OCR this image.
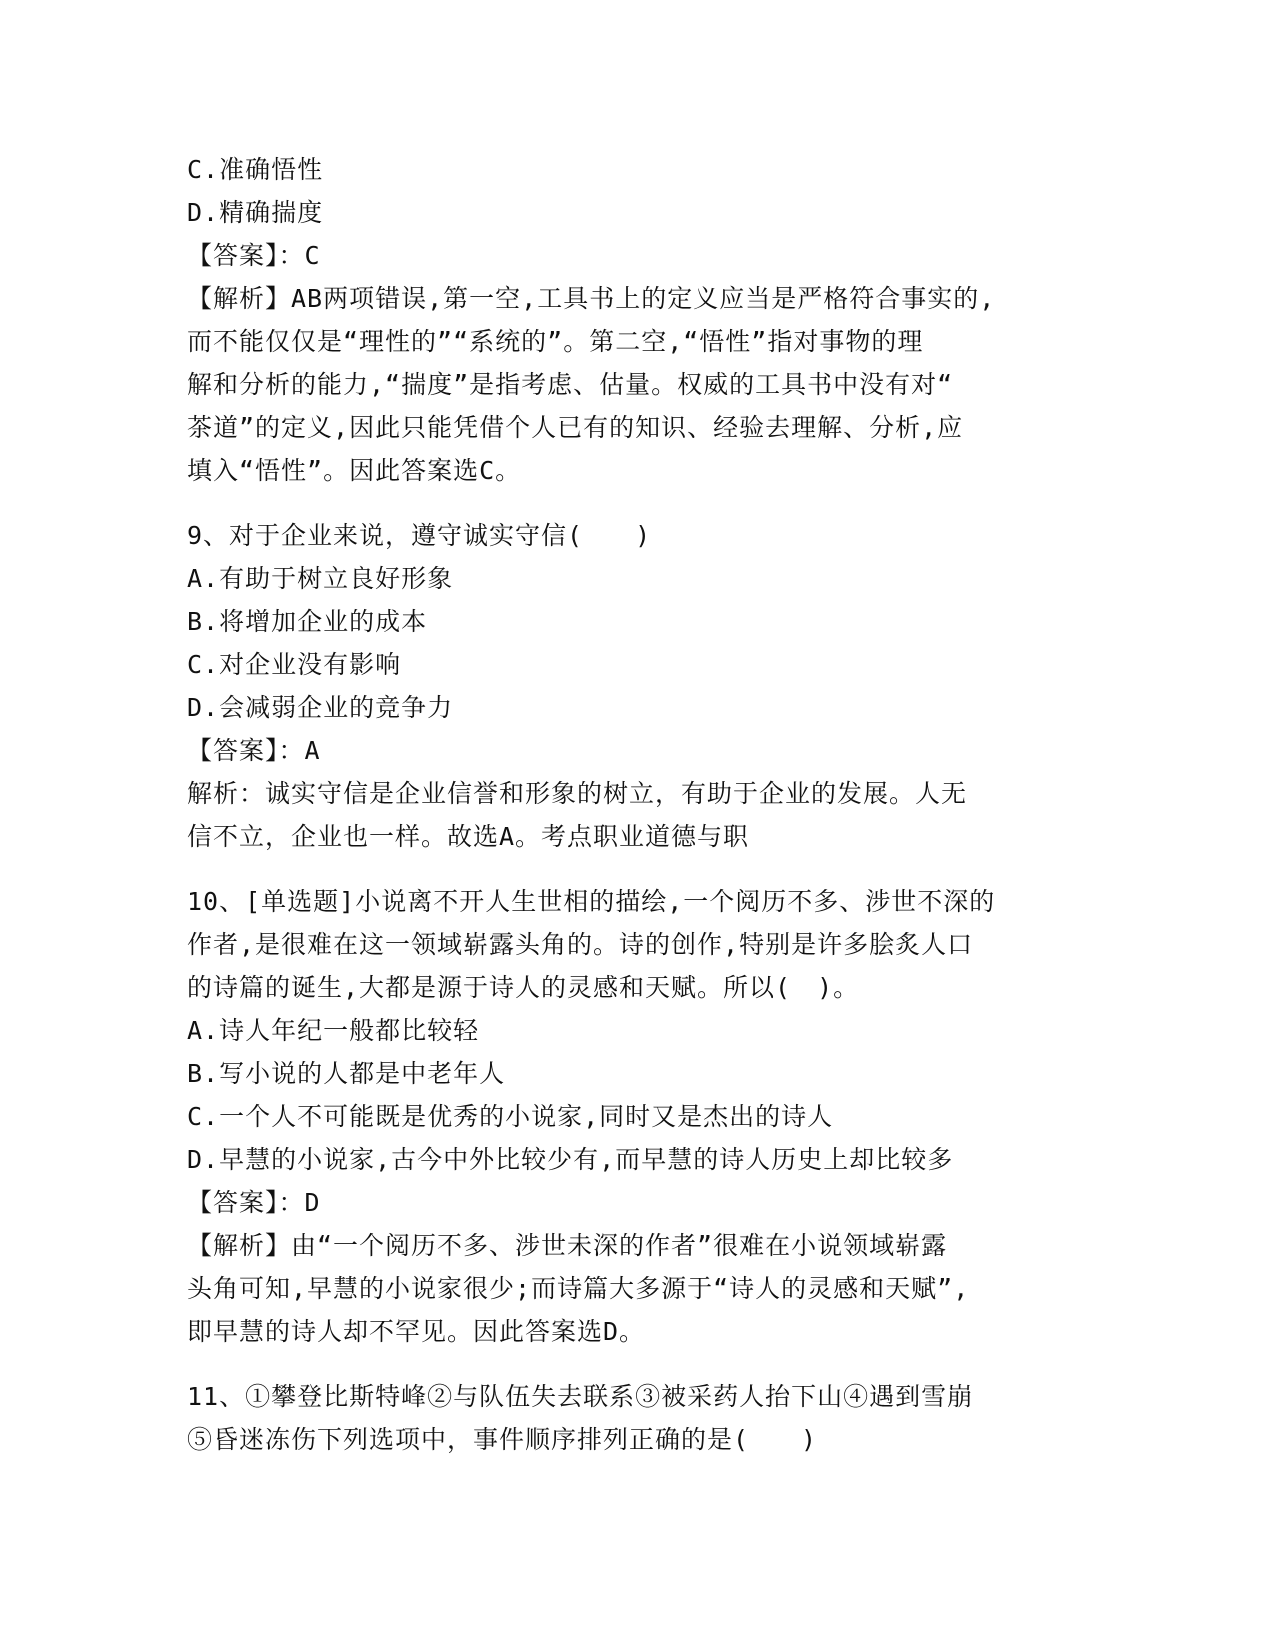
C.准确悟性
D.精确揣度
【答案】：C
【解析】AB两项错误,第一空,工具书上的定义应当是严格符合事实的,
而不能仅仅是“理性的”“系统的”。第二空,“悟性”指对事物的理
解和分析的能力,“揣度”是指考虑、估量。权威的工具书中没有对“
茶道”的定义,因此只能凭借个人已有的知识、经验去理解、分析,应
填入“悟性”。因此答案选C。
9、对于企业来说，遵守诚实守信(　　)
A.有助于树立良好形象
B.将增加企业的成本
C.对企业没有影响
D.会减弱企业的竞争力
【答案】：A
解析：诚实守信是企业信誉和形象的树立，有助于企业的发展。人无
信不立，企业也一样。故选A。考点职业道德与职
10、[单选题]小说离不开人生世相的描绘,一个阅历不多、涉世不深的
作者,是很难在这一领域崭露头角的。诗的创作,特别是许多脍炙人口
的诗篇的诞生,大都是源于诗人的灵感和天赋。所以(　)。
A.诗人年纪一般都比较轻
B.写小说的人都是中老年人
C.一个人不可能既是优秀的小说家,同时又是杰出的诗人
D.早慧的小说家,古今中外比较少有,而早慧的诗人历史上却比较多
【答案】：D
【解析】由“一个阅历不多、涉世未深的作者”很难在小说领域崭露
头角可知,早慧的小说家很少;而诗篇大多源于“诗人的灵感和天赋”,
即早慧的诗人却不罕见。因此答案选D。
11、①攀登比斯特峰②与队伍失去联系③被采药人抬下山④遇到雪崩
⑤昏迷冻伤下列选项中，事件顺序排列正确的是(　　)
